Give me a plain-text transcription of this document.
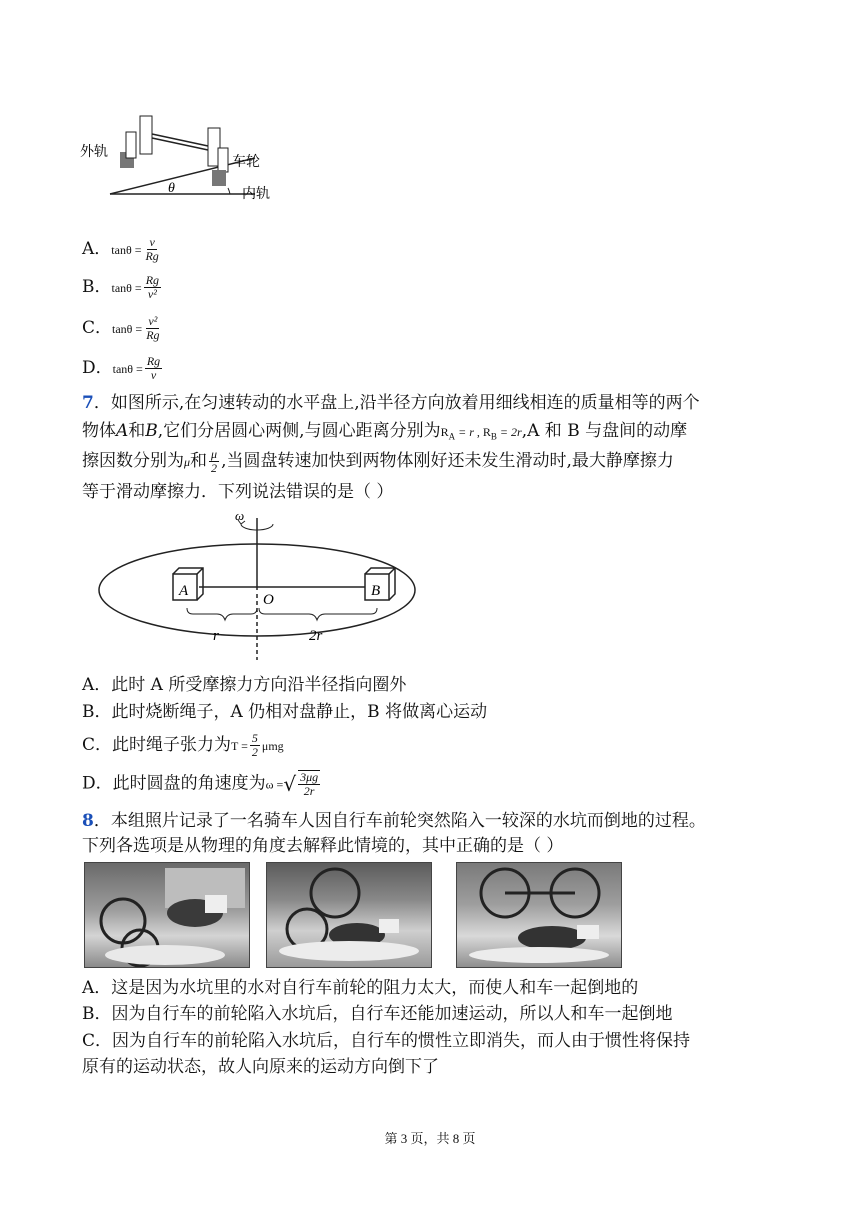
外轨
车轮
θ	内轨
A．$\tan\theta = \frac{v}{Rg}$
B．$\tan\theta = \frac{Rg}{\text{v²}}$
C．$\tan\theta = \frac{\text{v²}}{Rg}$
D．$\tan\theta = \frac{Rg}{v}$
7．如图所示,在匀速转动的水平盘上,沿半径方向放着用细线相连的质量相等的两个
物体A和B,它们分居圆心两侧,与圆心距离分别为$R_A = r$ , $R_B = 2r,A$ 和 B 与盘间的动摩
擦因数分别为μ和 $\frac{\mu}{2}$ ,当圆盘转速加快到两物体刚好还未发生滑动时,最大静摩擦力
等于滑动摩擦力．下列说法错误的是（ ）
ω
A	B
O
r	2r
A．此时 A 所受摩擦力方向沿半径指向圈外
B．此时烧断绳子，A 仍相对盘静止，B 将做离心运动
C．此时绳子张力为$T = \frac{5}{2}$ μmg
D．此时圆盘的角速度为ω =√ $\frac{3\mu g}{2r}$
8．本组照片记录了一名骑车人因自行车前轮突然陷入一较深的水坑而倒地的过程。
下列各选项是从物理的角度去解释此情境的，其中正确的是（ ）
A．这是因为水坑里的水对自行车前轮的阻力太大，而使人和车一起倒地的
B．因为自行车的前轮陷入水坑后，自行车还能加速运动，所以人和车一起倒地
C．因为自行车的前轮陷入水坑后，自行车的惯性立即消失，而人由于惯性将保持
原有的运动状态，故人向原来的运动方向倒下了
第 3 页，共 8 页
